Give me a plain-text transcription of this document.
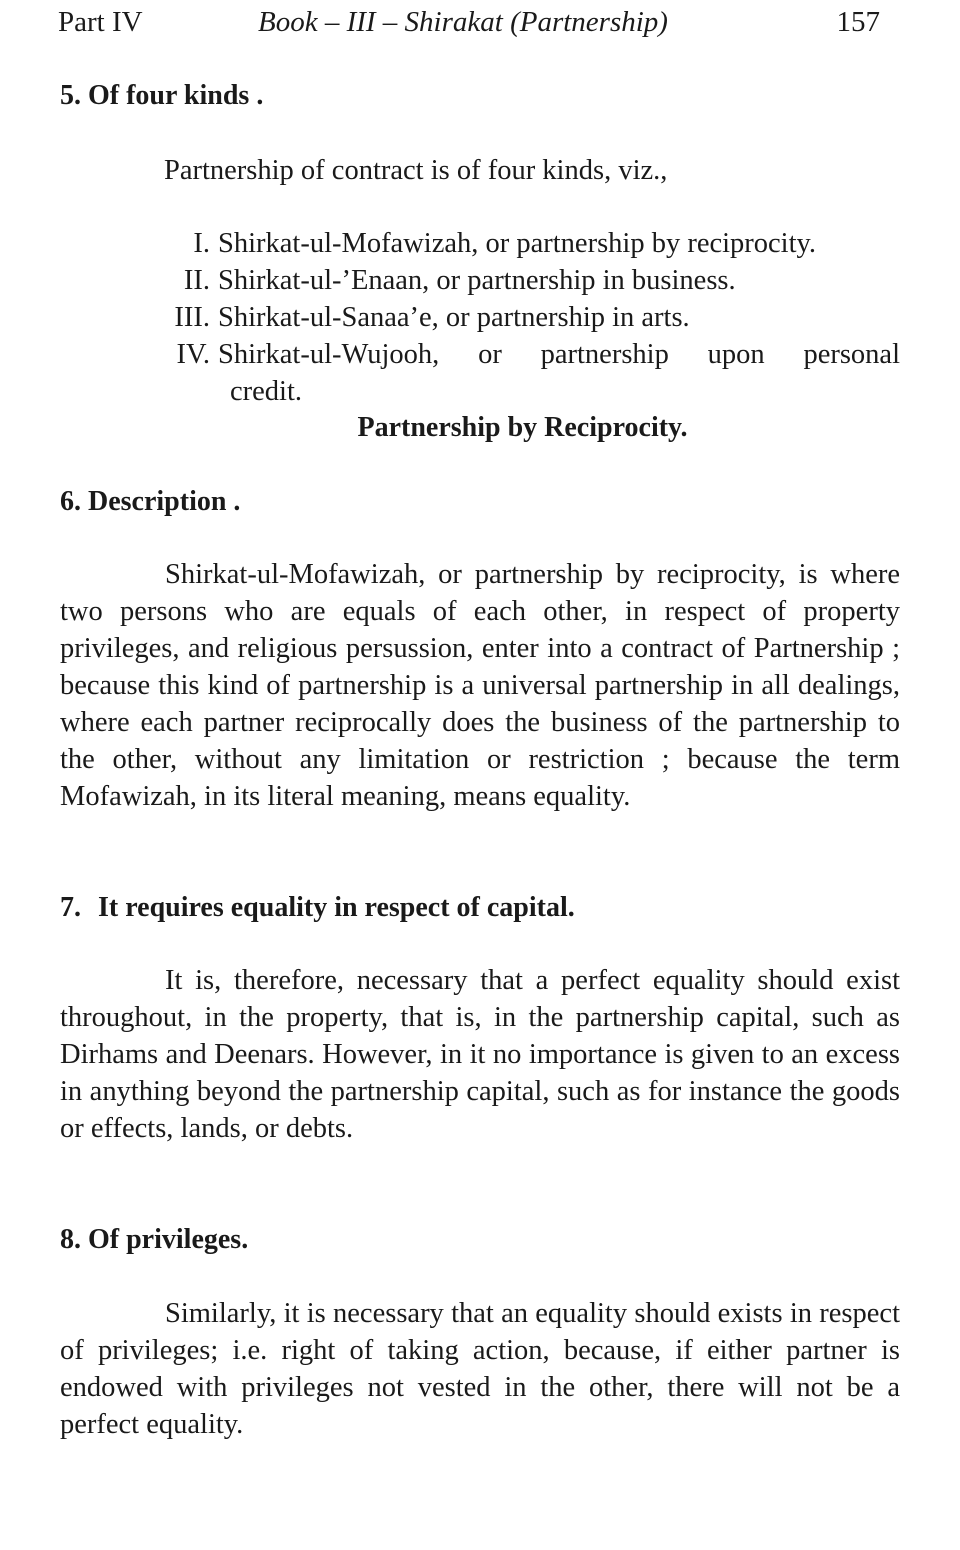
Part IV	Book – III – Shirakat (Partnership)	157
5. Of four kinds .

Partnership of contract is of four kinds, viz.,

I. Shirkat-ul-Mofawizah, or partnership by reciprocity.
II. Shirkat-ul-’Enaan, or partnership in business.
III. Shirkat-ul-Sanaa’e, or partnership in arts.
IV. Shirkat-ul-Wujooh, or partnership upon personal
credit.
Partnership by Reciprocity.
6. Description .

Shirkat-ul-Mofawizah, or partnership by reciprocity, is where two persons who are equals of each other, in respect of property privileges, and religious persussion, enter into a contract of Partnership ; because this kind of partnership is a universal partnership in all dealings, where each partner reciprocally does the business of the partnership to the other, without any limitation or restriction ; because the term Mofawizah, in its literal meaning, means equality.

7. It requires equality in respect of capital.

It is, therefore, necessary that a perfect equality should exist throughout, in the property, that is, in the partnership capital, such as Dirhams and Deenars. However, in it no importance is given to an excess in anything beyond the partnership capital, such as for instance the goods or effects, lands, or debts.

8. Of privileges.

Similarly, it is necessary that an equality should exists in respect of privileges; i.e. right of taking action, because, if either partner is endowed with privileges not vested in the other, there will not be a perfect equality.
